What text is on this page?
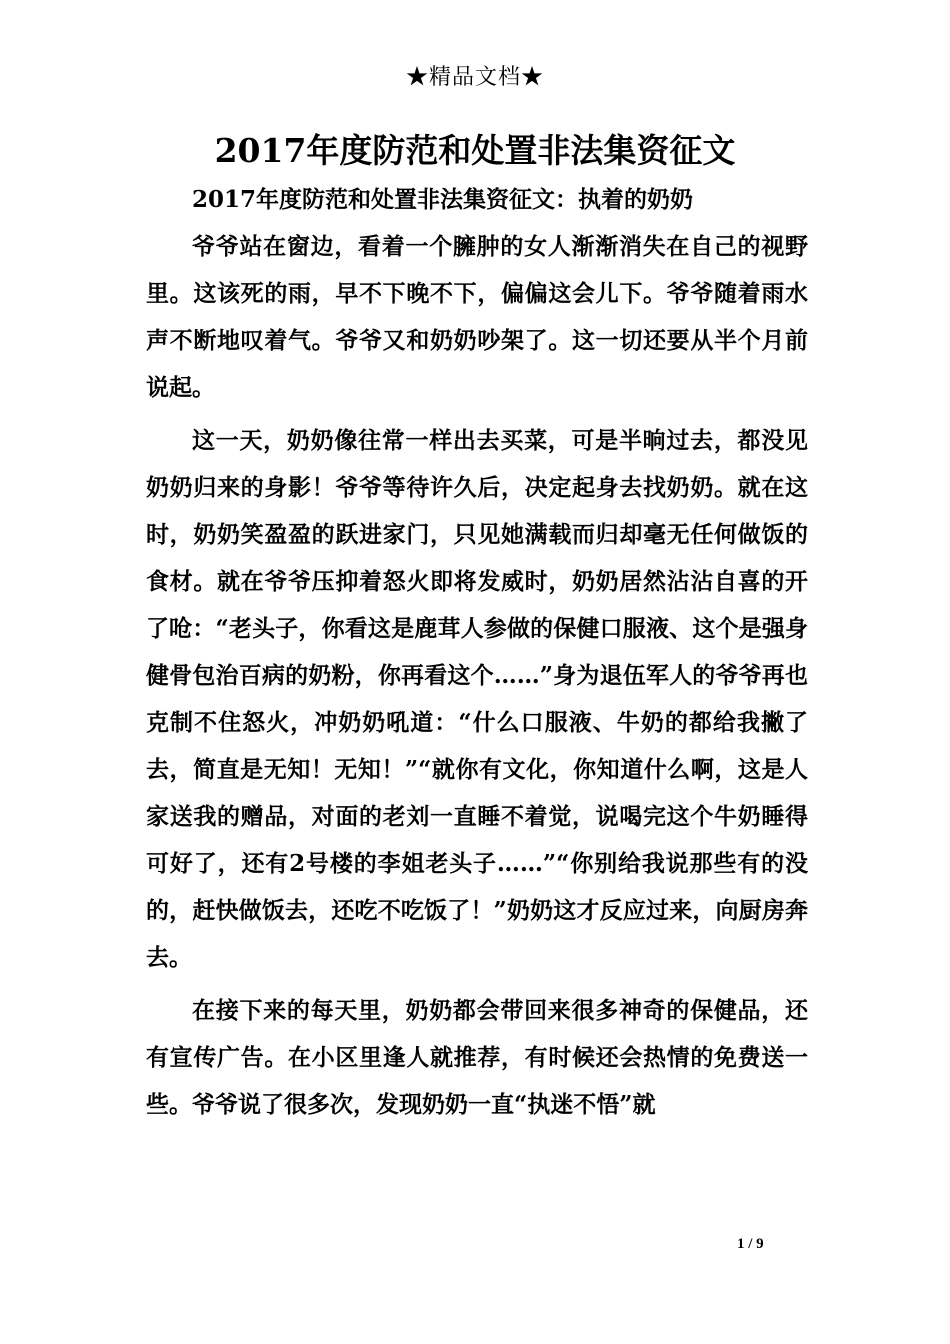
★精品文档★
2017年度防范和处置非法集资征文

2017年度防范和处置非法集资征文：执着的奶奶

爷爷站在窗边，看着一个臃肿的女人渐渐消失在自己的视野里。这该死的雨，早不下晚不下，偏偏这会儿下。爷爷随着雨水声不断地叹着气。爷爷又和奶奶吵架了。这一切还要从半个月前说起。

这一天，奶奶像往常一样出去买菜，可是半晌过去，都没见奶奶归来的身影！爷爷等待许久后，决定起身去找奶奶。就在这时，奶奶笑盈盈的跃进家门，只见她满载而归却毫无任何做饭的食材。就在爷爷压抑着怒火即将发威时，奶奶居然沾沾自喜的开了呛：“老头子，你看这是鹿茸人参做的保健口服液、这个是强身健骨包治百病的奶粉，你再看这个……”身为退伍军人的爷爷再也克制不住怒火，冲奶奶吼道：“什么口服液、牛奶的都给我撇了去，简直是无知！无知！”“就你有文化，你知道什么啊，这是人家送我的赠品，对面的老刘一直睡不着觉，说喝完这个牛奶睡得可好了，还有2号楼的李姐老头子……”“你别给我说那些有的没的，赶快做饭去，还吃不吃饭了！”奶奶这才反应过来，向厨房奔去。

在接下来的每天里，奶奶都会带回来很多神奇的保健品，还有宣传广告。在小区里逢人就推荐，有时候还会热情的免费送一些。爷爷说了很多次，发现奶奶一直“执迷不悟”就

1 / 9
